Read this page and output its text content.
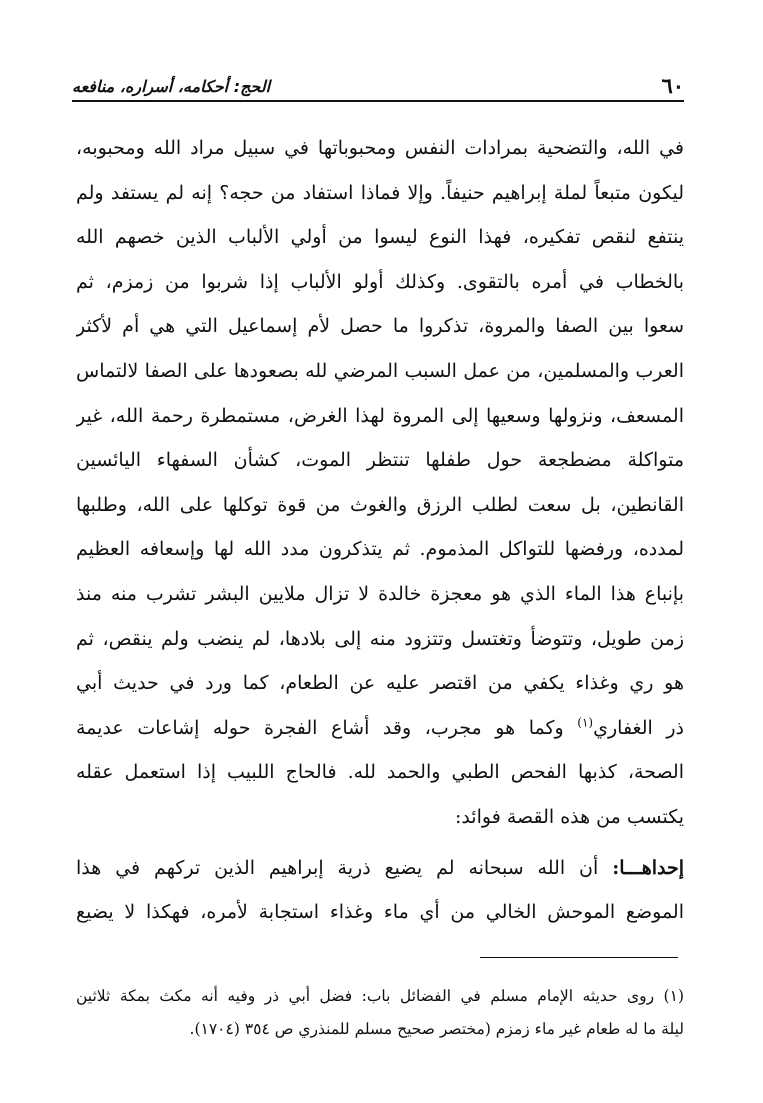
٦٠
الحج: أحكامه، أسراره، منافعه
في الله، والتضحية بمرادات النفس ومحبوباتها في سبيل مراد الله ومحبوبه،
ليكون متبعاً لملة إبراهيم حنيفاً. وإلا فماذا استفاد من حجه؟ إنه لم يستفد ولم
ينتفع لنقص تفكيره، فهذا النوع ليسوا من أولي الألباب الذين خصهم الله
بالخطاب في أمره بالتقوى. وكذلك أولو الألباب إذا شربوا من زمزم، ثم
سعوا بين الصفا والمروة، تذكروا ما حصل لأم إسماعيل التي هي أم لأكثر
العرب والمسلمين، من عمل السبب المرضي لله بصعودها على الصفا لالتماس
المسعف، ونزولها وسعيها إلى المروة لهذا الغرض، مستمطرة رحمة الله، غير
متواكلة مضطجعة حول طفلها تنتظر الموت، كشأن السفهاء اليائسين
القانطين، بل سعت لطلب الرزق والغوث من قوة توكلها على الله، وطلبها
لمدده، ورفضها للتواكل المذموم. ثم يتذكرون مدد الله لها وإسعافه العظيم
بإنباع هذا الماء الذي هو معجزة خالدة لا تزال ملايين البشر تشرب منه منذ
زمن طويل، وتتوضأ وتغتسل وتتزود منه إلى بلادها، لم ينضب ولم ينقص، ثم
هو ري وغذاء يكفي من اقتصر عليه عن الطعام، كما ورد في حديث أبي
ذر الغفاري$^{(١)}$ وكما هو مجرب، وقد أشاع الفجرة حوله إشاعات عديمة
الصحة، كذبها الفحص الطبي والحمد لله. فالحاج اللبيب إذا استعمل عقله
يكتسب من هذه القصة فوائد:
إحداهـــا: أن الله سبحانه لم يضيع ذرية إبراهيم الذين تركهم في هذا
الموضع الموحش الخالي من أي ماء وغذاء استجابة لأمره، فهكذا لا يضيع
(١) روى حديثه الإمام مسلم في الفضائل باب: فضل أبي ذر وفيه أنه مكث بمكة ثلاثين
ليلة ما له طعام غير ماء زمزم (مختصر صحيح مسلم للمنذري ص ٣٥٤ (١٧٠٤).
